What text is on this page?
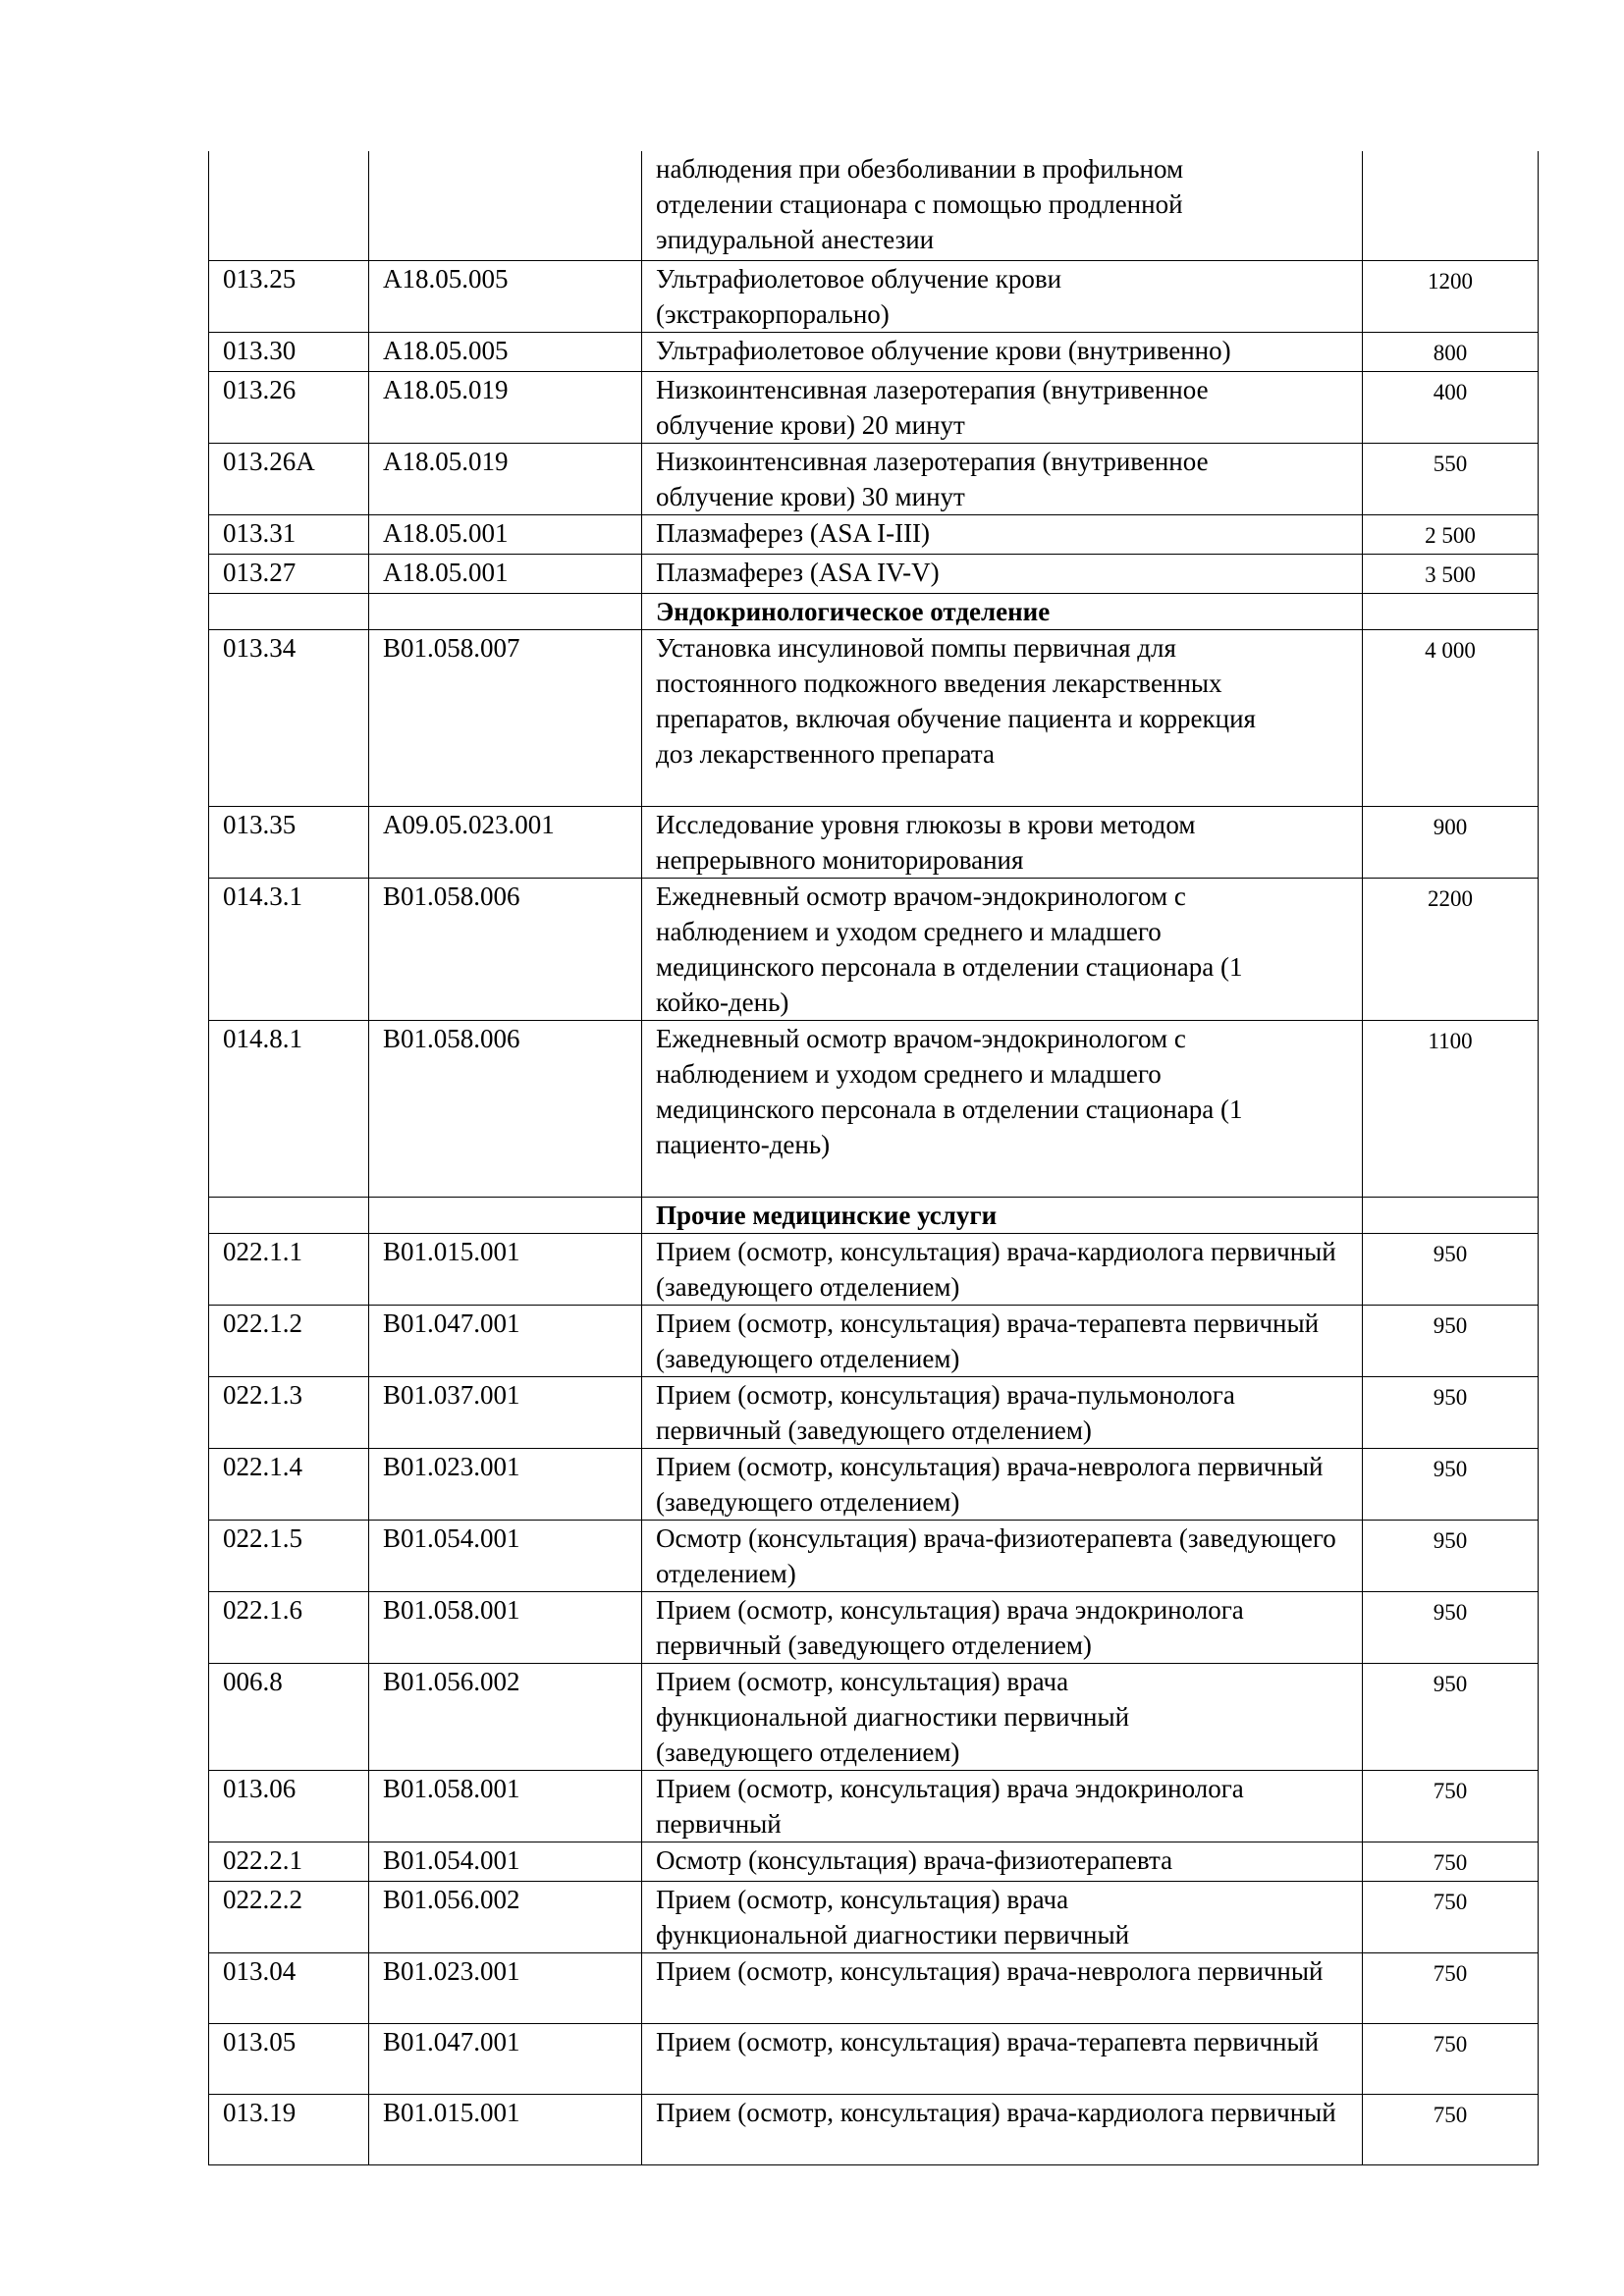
		наблюдения при обезболивании в профильном
отделении стационара с помощью продленной
эпидуральной анестезии	
013.25	A18.05.005	Ультрафиолетовое облучение крови
(экстракорпорально)	1200
013.30	A18.05.005	Ультрафиолетовое облучение крови (внутривенно)	800
013.26	A18.05.019	Низкоинтенсивная лазеротерапия (внутривенное
облучение крови) 20 минут	400
013.26А	A18.05.019	Низкоинтенсивная лазеротерапия (внутривенное
облучение крови) 30 минут	550
013.31	A18.05.001	Плазмаферез (ASA I-III)	2 500
013.27	A18.05.001	Плазмаферез (ASA IV-V)	3 500
		Эндокринологическое отделение	
013.34	B01.058.007	Установка инсулиновой помпы первичная для
постоянного подкожного введения лекарственных
препаратов, включая обучение пациента и коррекция
доз лекарственного препарата	4 000
013.35	A09.05.023.001	Исследование уровня глюкозы в крови методом
непрерывного мониторирования	900
014.3.1	B01.058.006	Ежедневный осмотр врачом-эндокринологом с
наблюдением и уходом среднего и младшего
медицинского персонала в отделении стационара (1
койко-день)	2200
014.8.1	B01.058.006	Ежедневный осмотр врачом-эндокринологом с
наблюдением и уходом среднего и младшего
медицинского персонала в отделении стационара (1
пациенто-день)	1100
		Прочие медицинские услуги	
022.1.1	B01.015.001	Прием (осмотр, консультация) врача-кардиолога первичный (заведующего отделением)	950
022.1.2	B01.047.001	Прием (осмотр, консультация) врача-терапевта первичный (заведующего отделением)	950
022.1.3	B01.037.001	Прием (осмотр, консультация) врача-пульмонолога первичный (заведующего отделением)	950
022.1.4	B01.023.001	Прием (осмотр, консультация) врача-невролога первичный (заведующего отделением)	950
022.1.5	B01.054.001	Осмотр (консультация) врача-физиотерапевта (заведующего отделением)	950
022.1.6	B01.058.001	Прием (осмотр, консультация) врача эндокринолога первичный (заведующего отделением)	950
006.8	B01.056.002	Прием (осмотр, консультация) врача
функциональной диагностики первичный
(заведующего отделением)	950
013.06	B01.058.001	Прием (осмотр, консультация) врача эндокринолога первичный	750
022.2.1	B01.054.001	Осмотр (консультация) врача-физиотерапевта	750
022.2.2	B01.056.002	Прием (осмотр, консультация) врача
функциональной диагностики первичный	750
013.04	B01.023.001	Прием (осмотр, консультация) врача-невролога первичный	750
013.05	B01.047.001	Прием (осмотр, консультация) врача-терапевта первичный	750
013.19	B01.015.001	Прием (осмотр, консультация) врача-кардиолога первичный	750
